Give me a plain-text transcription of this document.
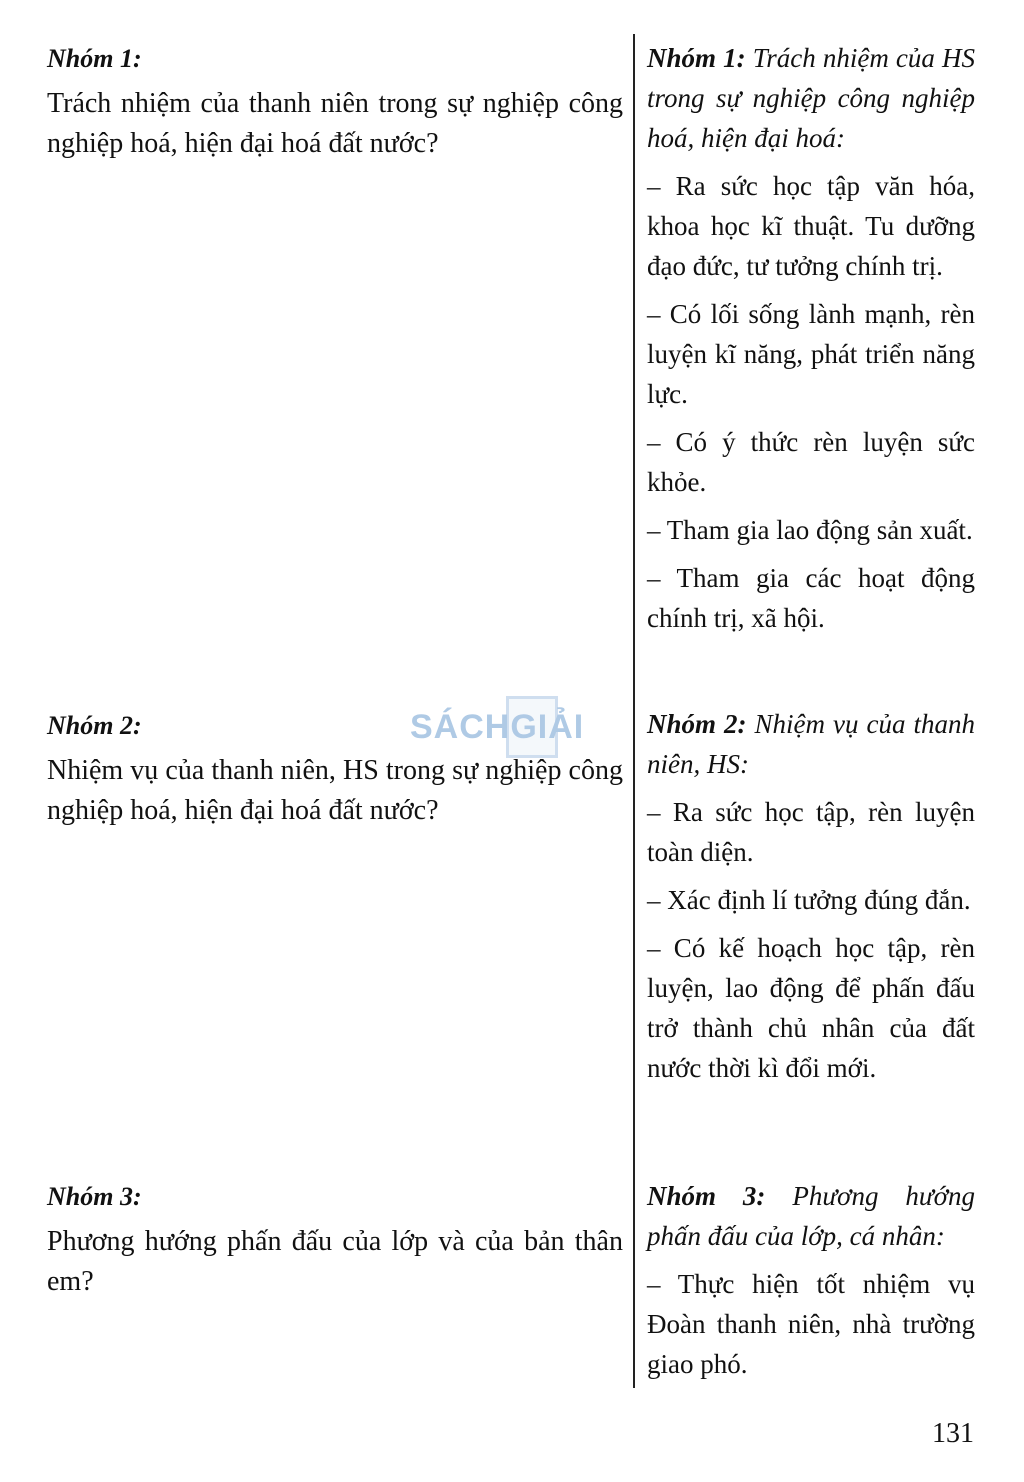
Nhóm 1:

Trách nhiệm của thanh niên trong sự nghiệp công nghiệp hoá, hiện đại hoá đất nước?

Nhóm 1: Trách nhiệm của HS trong sự nghiệp công nghiệp hoá, hiện đại hoá:

– Ra sức học tập văn hóa, khoa học kĩ thuật. Tu dưỡng đạo đức, tư tưởng chính trị.

– Có lối sống lành mạnh, rèn luyện kĩ năng, phát triển năng lực.

– Có ý thức rèn luyện sức khỏe.

– Tham gia lao động sản xuất.

– Tham gia các hoạt động chính trị, xã hội.

Nhóm 2:

Nhiệm vụ của thanh niên, HS trong sự nghiệp công nghiệp hoá, hiện đại hoá đất nước?

Nhóm 2: Nhiệm vụ của thanh niên, HS:

– Ra sức học tập, rèn luyện toàn diện.

– Xác định lí tưởng đúng đắn.

– Có kế hoạch học tập, rèn luyện, lao động để phấn đấu trở thành chủ nhân của đất nước thời kì đổi mới.

Nhóm 3:

Phương hướng phấn đấu của lớp và của bản thân em?

Nhóm 3: Phương hướng phấn đấu của lớp, cá nhân:

– Thực hiện tốt nhiệm vụ Đoàn thanh niên, nhà trường giao phó.

SÁCHGIẢI
131
